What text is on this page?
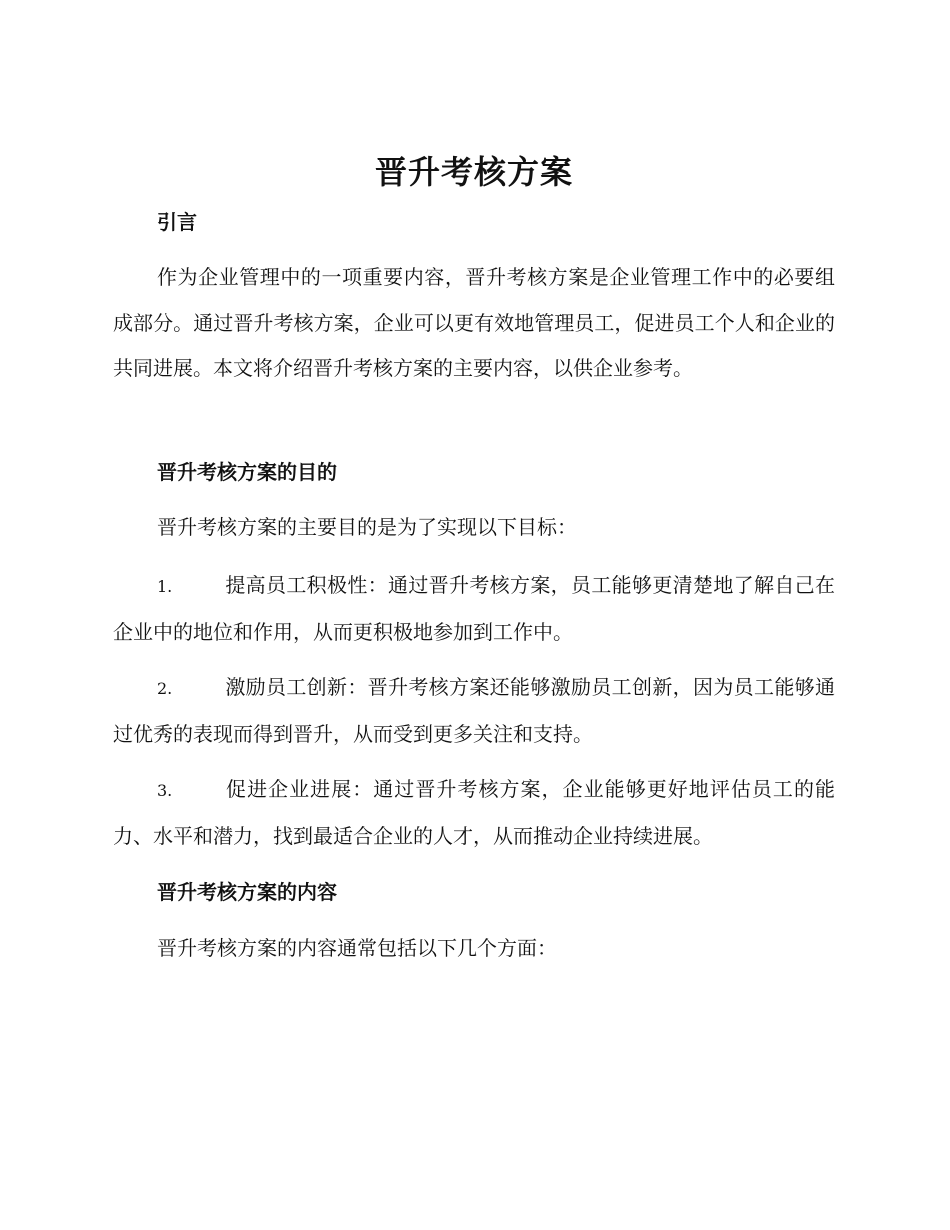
晋升考核方案
引言

作为企业管理中的一项重要内容，晋升考核方案是企业管理工作中的必要组成部分。通过晋升考核方案，企业可以更有效地管理员工，促进员工个人和企业的共同进展。本文将介绍晋升考核方案的主要内容，以供企业参考。

晋升考核方案的目的

晋升考核方案的主要目的是为了实现以下目标：

1.	提高员工积极性：通过晋升考核方案，员工能够更清楚地了解自己在企业中的地位和作用，从而更积极地参加到工作中。

2.	激励员工创新：晋升考核方案还能够激励员工创新，因为员工能够通过优秀的表现而得到晋升，从而受到更多关注和支持。

3.	促进企业进展：通过晋升考核方案，企业能够更好地评估员工的能力、水平和潜力，找到最适合企业的人才，从而推动企业持续进展。

晋升考核方案的内容

晋升考核方案的内容通常包括以下几个方面：
